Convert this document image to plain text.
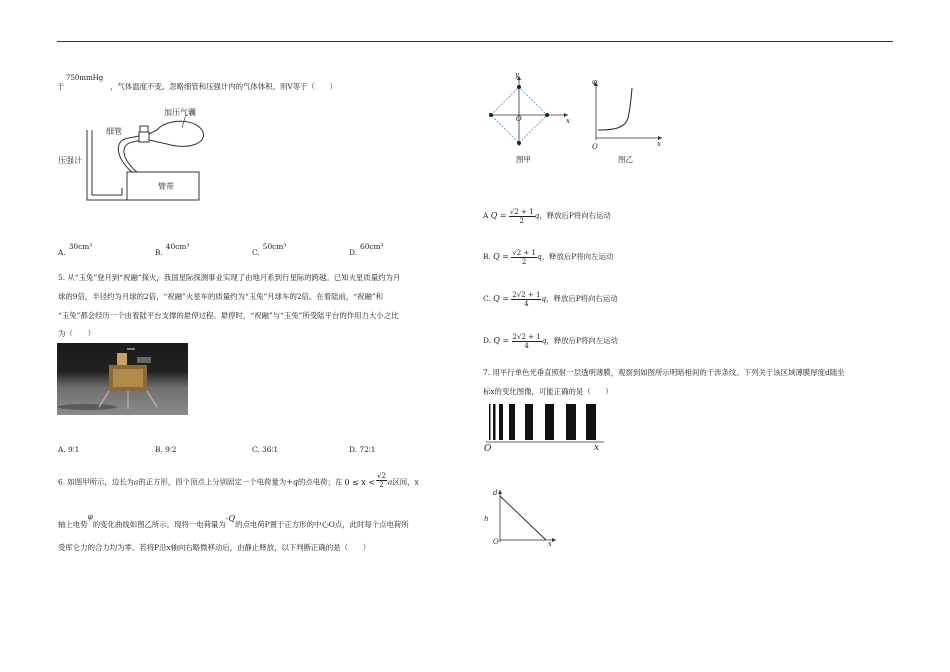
于
750mmHg
，气体温度不变。忽略细管和压强计内的气体体积。则V等于（　　）
加压气囊
细管
压强计
臂带
A.30cm³
B.40cm³
C.50cm³
D.60cm³
5. 从“玉兔”登月到“祝融”探火，我国星际探测事业实现了由地月系到行星际的跨越。已知火星质量约为月
球的9倍，半径约为月球的2倍，“祝融”火星车的质量约为“玉兔”月球车的2倍。在着陆前，“祝融”和
“玉兔”都会经历一个由着陆平台支撑的悬停过程。悬停时，“祝融”与“玉兔”所受陆平台的作用力大小之比
为（　　）
A. 9∶1	B. 9∶2	C. 36∶1	D. 72∶1
6. 如图甲所示，边长为a的正方形，四个顶点上分别固定一个电荷量为+q的点电荷；在 $0 \le x < \frac{√2}{2}$ a区间，x
轴上电势φ的变化曲线如图乙所示。现将一电荷量为-Q的点电荷P置于正方形的中心O点，此时每个点电荷所
受库仑力的合力均为零。若将P沿x轴向右略微移动后，由静止释放，以下判断正确的是（　　）
y
x
O
图甲
φ
x
O
图乙
A
Q =
$\frac{√2 + 1}{2}$ q ，释放后P将向右运动
B.
Q =
$\frac{√2 + 1}{2}$ q ，释放后P将向左运动
C.
Q =
$\frac{2√2 + 1}{4}$ q ，释放后P将向右运动
D.
Q =
$\frac{2√2 + 1}{4}$ q ，释放后P将向左运动
7. 用平行单色光垂直照射一层透明薄膜，观察到如图所示明暗相间的干涉条纹。下列关于该区域薄膜厚度d随坐
标x的变化图像，可能正确的是（　　）
O	x
d
h
O	x
